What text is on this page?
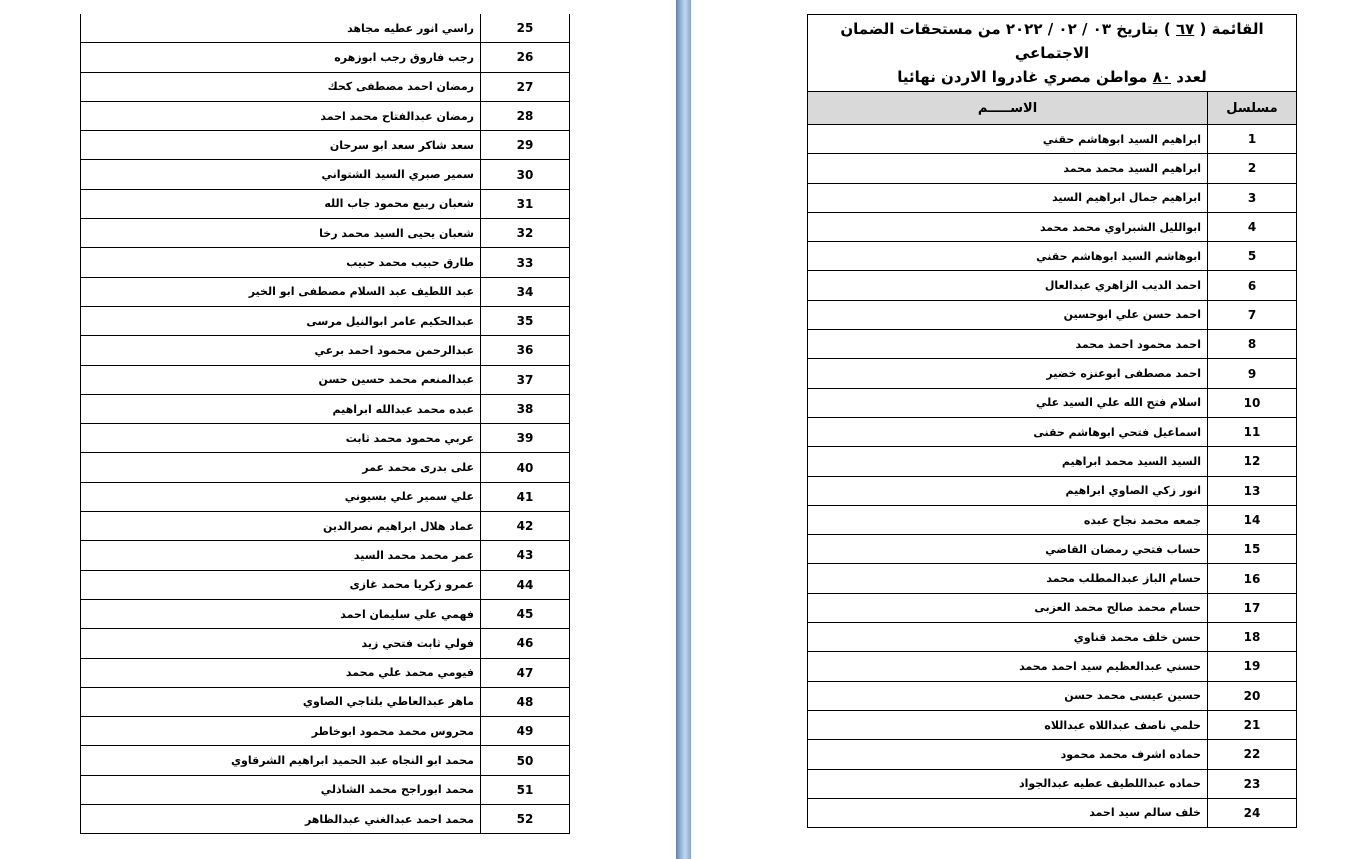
25	راسي انور عطيه مجاهد
26	رجب فاروق رجب ابوزهره
27	رمضان احمد مصطفى كحك
28	رمضان عبدالفتاح محمد احمد
29	سعد شاكر سعد ابو سرحان
30	سمير صبري السيد الشتواني
31	شعبان ربيع محمود جاب الله
32	شعبان يحيى السيد محمد رخا
33	طارق حبيب محمد حبيب
34	عبد اللطيف عبد السلام مصطفى ابو الخير
35	عبدالحكيم عامر ابوالنيل مرسى
36	عبدالرحمن محمود احمد برعي
37	عبدالمنعم محمد حسين حسن
38	عبده محمد عبدالله ابراهيم
39	عربي محمود محمد ثابت
40	على بدرى محمد عمر
41	علي سمير علي بسيوني
42	عماد هلال ابراهيم نصرالدين
43	عمر محمد محمد السيد
44	عمرو زكريا محمد غازى
45	فهمي علي سليمان احمد
46	فولي ثابت فتحي زيد
47	فيومي محمد علي محمد
48	ماهر عبدالعاطي بلتاجي الصاوي
49	محروس محمد محمود ابوخاطر
50	محمد ابو النجاه عبد الحميد ابراهيم الشرقاوي
51	محمد ابوراجح محمد الشاذلي
52	محمد احمد عبدالغني عبدالظاهر
القائمة ( ٦٧ ) بتاريخ ٠٣ / ٠٢ / ٢٠٢٢ من مستحقات الضمان الاجتماعي
لعدد ٨٠ مواطن مصري غادروا الاردن نهائيا	

مسلسل	الاســـــم
1	ابراهيم السيد ابوهاشم حقني
2	ابراهيم السيد محمد محمد
3	ابراهيم جمال ابراهيم السيد
4	ابوالليل الشبراوي محمد محمد
5	ابوهاشم السيد ابوهاشم حقني
6	احمد الديب الزاهري عبدالعال
7	احمد حسن علي ابوحسين
8	احمد محمود احمد محمد
9	احمد مصطفى ابوعنزه خضير
10	اسلام فتح الله علي السيد علي
11	اسماعيل فتحي ابوهاشم حقنى
12	السيد السيد محمد ابراهيم
13	انور زكي الصاوي ابراهيم
14	جمعه محمد نجاح عبده
15	حساب فتحي رمضان القاضي
16	حسام الباز عبدالمطلب محمد
17	حسام محمد صالح محمد العزبى
18	حسن خلف محمد قناوي
19	حسني عبدالعظيم سيد احمد محمد
20	حسين عيسى محمد حسن
21	حلمي ناصف عبداللاه عبداللاه
22	حماده اشرف محمد محمود
23	حماده عبداللطيف عطيه عبدالجواد
24	خلف سالم سيد احمد
